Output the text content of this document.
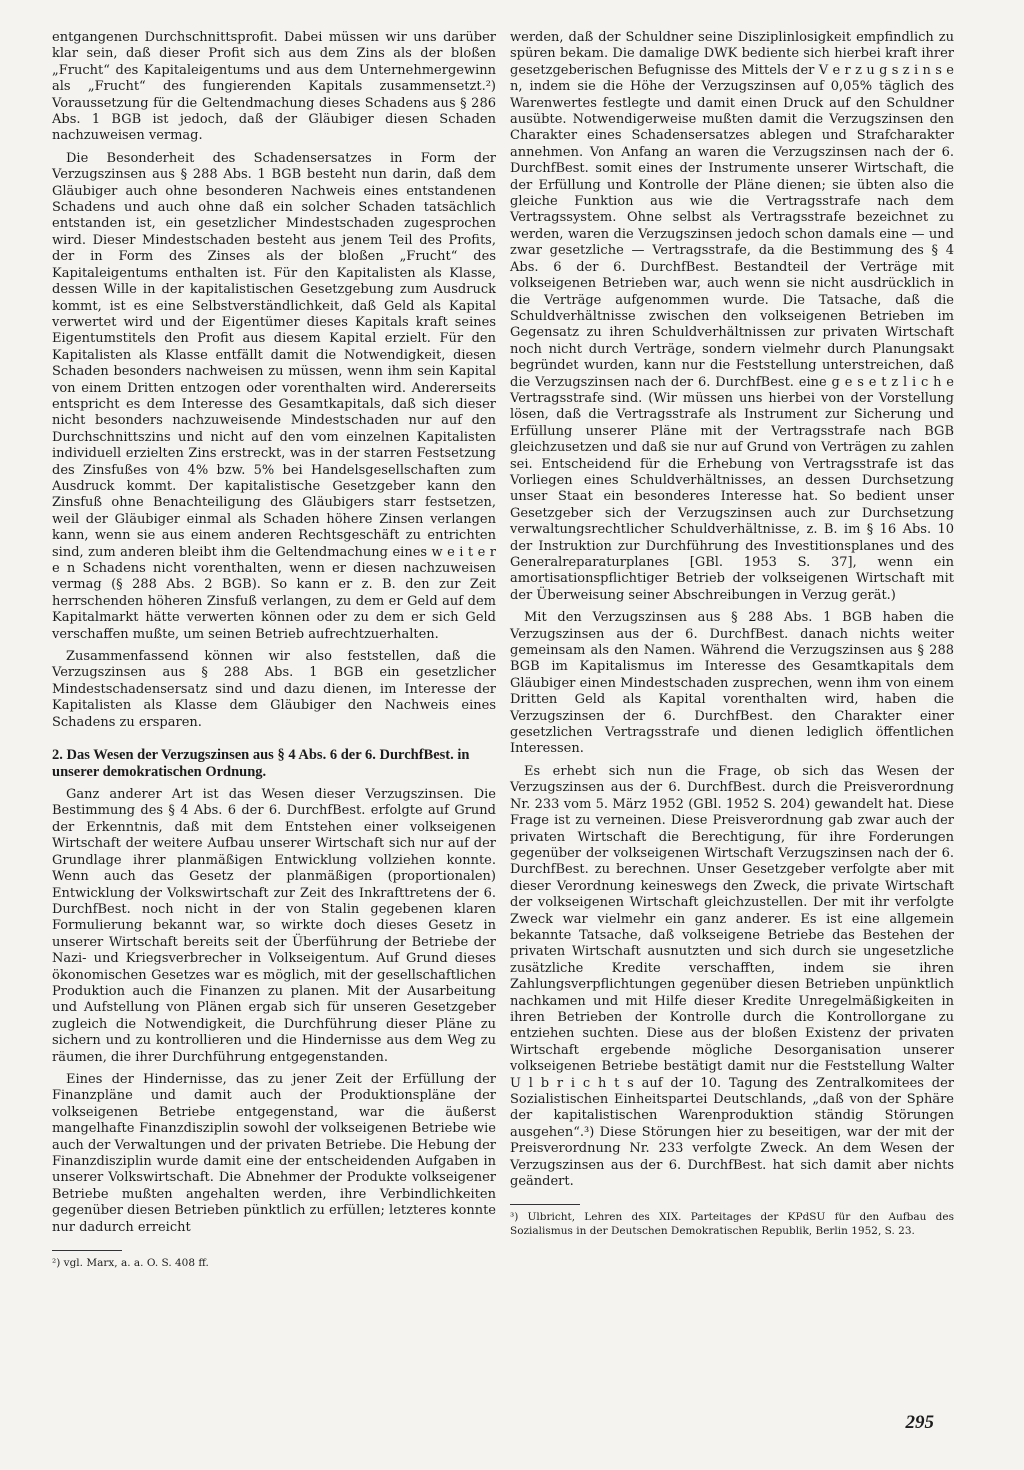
entgangenen Durchschnittsprofit. Dabei müssen wir uns darüber klar sein, daß dieser Profit sich aus dem Zins als der bloßen „Frucht“ des Kapitaleigentums und aus dem Unternehmergewinn als „Frucht“ des fungierenden Kapitals zusammensetzt.²) Voraussetzung für die Geltendmachung dieses Schadens aus § 286 Abs. 1 BGB ist jedoch, daß der Gläubiger diesen Schaden nachzuweisen vermag.

Die Besonderheit des Schadensersatzes in Form der Verzugszinsen aus § 288 Abs. 1 BGB besteht nun darin, daß dem Gläubiger auch ohne besonderen Nachweis eines entstandenen Schadens und auch ohne daß ein solcher Schaden tatsächlich entstanden ist, ein gesetzlicher Mindestschaden zugesprochen wird. Dieser Mindestschaden besteht aus jenem Teil des Profits, der in Form des Zinses als der bloßen „Frucht“ des Kapitaleigentums enthalten ist. Für den Kapitalisten als Klasse, dessen Wille in der kapitalistischen Gesetzgebung zum Ausdruck kommt, ist es eine Selbstverständlichkeit, daß Geld als Kapital verwertet wird und der Eigentümer dieses Kapitals kraft seines Eigentumstitels den Profit aus diesem Kapital erzielt. Für den Kapitalisten als Klasse entfällt damit die Notwendigkeit, diesen Schaden besonders nachweisen zu müssen, wenn ihm sein Kapital von einem Dritten entzogen oder vorenthalten wird. Andererseits entspricht es dem Interesse des Gesamtkapitals, daß sich dieser nicht besonders nachzuweisende Mindestschaden nur auf den Durchschnittszins und nicht auf den vom einzelnen Kapitalisten individuell erzielten Zins erstreckt, was in der starren Festsetzung des Zinsfußes von 4% bzw. 5% bei Handelsgesellschaften zum Ausdruck kommt. Der kapitalistische Gesetzgeber kann den Zinsfuß ohne Benachteiligung des Gläubigers starr festsetzen, weil der Gläubiger einmal als Schaden höhere Zinsen verlangen kann, wenn sie aus einem anderen Rechtsgeschäft zu entrichten sind, zum anderen bleibt ihm die Geltendmachung eines w e i t e r e n Schadens nicht vorenthalten, wenn er diesen nachzuweisen vermag (§ 288 Abs. 2 BGB). So kann er z. B. den zur Zeit herrschenden höheren Zinsfuß verlangen, zu dem er Geld auf dem Kapitalmarkt hätte verwerten können oder zu dem er sich Geld verschaffen mußte, um seinen Betrieb aufrechtzuerhalten.

Zusammenfassend können wir also feststellen, daß die Verzugszinsen aus § 288 Abs. 1 BGB ein gesetzlicher Mindestschadensersatz sind und dazu dienen, im Interesse der Kapitalisten als Klasse dem Gläubiger den Nachweis eines Schadens zu ersparen.

2. Das Wesen der Verzugszinsen aus § 4 Abs. 6 der 6. DurchfBest. in unserer demokratischen Ordnung.

Ganz anderer Art ist das Wesen dieser Verzugszinsen. Die Bestimmung des § 4 Abs. 6 der 6. DurchfBest. erfolgte auf Grund der Erkenntnis, daß mit dem Entstehen einer volkseigenen Wirtschaft der weitere Aufbau unserer Wirtschaft sich nur auf der Grundlage ihrer planmäßigen Entwicklung vollziehen konnte. Wenn auch das Gesetz der planmäßigen (proportionalen) Entwicklung der Volkswirtschaft zur Zeit des Inkrafttretens der 6. DurchfBest. noch nicht in der von Stalin gegebenen klaren Formulierung bekannt war, so wirkte doch dieses Gesetz in unserer Wirtschaft bereits seit der Überführung der Betriebe der Nazi- und Kriegsverbrecher in Volkseigentum. Auf Grund dieses ökonomischen Gesetzes war es möglich, mit der gesellschaftlichen Produktion auch die Finanzen zu planen. Mit der Ausarbeitung und Aufstellung von Plänen ergab sich für unseren Gesetzgeber zugleich die Notwendigkeit, die Durchführung dieser Pläne zu sichern und zu kontrollieren und die Hindernisse aus dem Weg zu räumen, die ihrer Durchführung entgegenstanden.

Eines der Hindernisse, das zu jener Zeit der Erfüllung der Finanzpläne und damit auch der Produktionspläne der volkseigenen Betriebe entgegenstand, war die äußerst mangelhafte Finanzdisziplin sowohl der volkseigenen Betriebe wie auch der Verwaltungen und der privaten Betriebe. Die Hebung der Finanzdisziplin wurde damit eine der entscheidenden Aufgaben in unserer Volkswirtschaft. Die Abnehmer der Produkte volkseigener Betriebe mußten angehalten werden, ihre Verbindlichkeiten gegenüber diesen Betrieben pünktlich zu erfüllen; letzteres konnte nur dadurch erreicht

²) vgl. Marx, a. a. O. S. 408 ff.

werden, daß der Schuldner seine Disziplinlosigkeit empfindlich zu spüren bekam. Die damalige DWK bediente sich hierbei kraft ihrer gesetzgeberischen Befugnisse des Mittels der V e r z u g s z i n s e n, indem sie die Höhe der Verzugszinsen auf 0,05% täglich des Warenwertes festlegte und damit einen Druck auf den Schuldner ausübte. Notwendigerweise mußten damit die Verzugszinsen den Charakter eines Schadensersatzes ablegen und Strafcharakter annehmen. Von Anfang an waren die Verzugszinsen nach der 6. DurchfBest. somit eines der Instrumente unserer Wirtschaft, die der Erfüllung und Kontrolle der Pläne dienen; sie übten also die gleiche Funktion aus wie die Vertragsstrafe nach dem Vertragssystem. Ohne selbst als Vertragsstrafe bezeichnet zu werden, waren die Verzugszinsen jedoch schon damals eine — und zwar gesetzliche — Vertragsstrafe, da die Bestimmung des § 4 Abs. 6 der 6. DurchfBest. Bestandteil der Verträge mit volkseigenen Betrieben war, auch wenn sie nicht ausdrücklich in die Verträge aufgenommen wurde. Die Tatsache, daß die Schuldverhältnisse zwischen den volkseigenen Betrieben im Gegensatz zu ihren Schuldverhältnissen zur privaten Wirtschaft noch nicht durch Verträge, sondern vielmehr durch Planungsakt begründet wurden, kann nur die Feststellung unterstreichen, daß die Verzugszinsen nach der 6. DurchfBest. eine g e s e t z l i c h e Vertragsstrafe sind. (Wir müssen uns hierbei von der Vorstellung lösen, daß die Vertragsstrafe als Instrument zur Sicherung und Erfüllung unserer Pläne mit der Vertragsstrafe nach BGB gleichzusetzen und daß sie nur auf Grund von Verträgen zu zahlen sei. Entscheidend für die Erhebung von Vertragsstrafe ist das Vorliegen eines Schuldverhältnisses, an dessen Durchsetzung unser Staat ein besonderes Interesse hat. So bedient unser Gesetzgeber sich der Verzugszinsen auch zur Durchsetzung verwaltungsrechtlicher Schuldverhältnisse, z. B. im § 16 Abs. 10 der Instruktion zur Durchführung des Investitionsplanes und des Generalreparaturplanes [GBl. 1953 S. 37], wenn ein amortisationspflichtiger Betrieb der volkseigenen Wirtschaft mit der Überweisung seiner Abschreibungen in Verzug gerät.)

Mit den Verzugszinsen aus § 288 Abs. 1 BGB haben die Verzugszinsen aus der 6. DurchfBest. danach nichts weiter gemeinsam als den Namen. Während die Verzugszinsen aus § 288 BGB im Kapitalismus im Interesse des Gesamtkapitals dem Gläubiger einen Mindestschaden zusprechen, wenn ihm von einem Dritten Geld als Kapital vorenthalten wird, haben die Verzugszinsen der 6. DurchfBest. den Charakter einer gesetzlichen Vertragsstrafe und dienen lediglich öffentlichen Interessen.

Es erhebt sich nun die Frage, ob sich das Wesen der Verzugszinsen aus der 6. DurchfBest. durch die Preisverordnung Nr. 233 vom 5. März 1952 (GBl. 1952 S. 204) gewandelt hat. Diese Frage ist zu verneinen. Diese Preisverordnung gab zwar auch der privaten Wirtschaft die Berechtigung, für ihre Forderungen gegenüber der volkseigenen Wirtschaft Verzugszinsen nach der 6. DurchfBest. zu berechnen. Unser Gesetzgeber verfolgte aber mit dieser Verordnung keineswegs den Zweck, die private Wirtschaft der volkseigenen Wirtschaft gleichzustellen. Der mit ihr verfolgte Zweck war vielmehr ein ganz anderer. Es ist eine allgemein bekannte Tatsache, daß volkseigene Betriebe das Bestehen der privaten Wirtschaft ausnutzten und sich durch sie ungesetzliche zusätzliche Kredite verschafften, indem sie ihren Zahlungsverpflichtungen gegenüber diesen Betrieben unpünktlich nachkamen und mit Hilfe dieser Kredite Unregelmäßigkeiten in ihren Betrieben der Kontrolle durch die Kontrollorgane zu entziehen suchten. Diese aus der bloßen Existenz der privaten Wirtschaft ergebende mögliche Desorganisation unserer volkseigenen Betriebe bestätigt damit nur die Feststellung Walter U l b r i c h t s auf der 10. Tagung des Zentralkomitees der Sozialistischen Einheitspartei Deutschlands, „daß von der Sphäre der kapitalistischen Warenproduktion ständig Störungen ausgehen“.³) Diese Störungen hier zu beseitigen, war der mit der Preisverordnung Nr. 233 verfolgte Zweck. An dem Wesen der Verzugszinsen aus der 6. DurchfBest. hat sich damit aber nichts geändert.

³) Ulbricht, Lehren des XIX. Parteitages der KPdSU für den Aufbau des Sozialismus in der Deutschen Demokratischen Republik, Berlin 1952, S. 23.

295
